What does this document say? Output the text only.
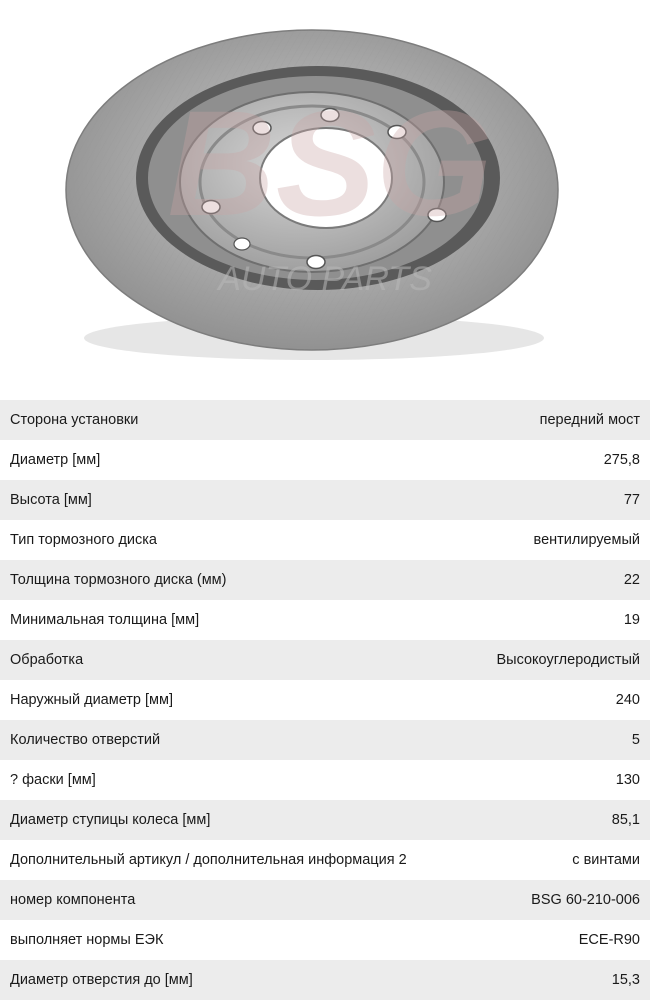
BSG
AUTO PARTS
Сторона установки	передний мост
Диаметр [мм]	275,8
Высота [мм]	77
Тип тормозного диска	вентилируемый
Толщина тормозного диска (мм)	22
Минимальная толщина [мм]	19
Обработка	Высокоуглеродистый
Наружный диаметр [мм]	240
Количество отверстий	5
? фаски [мм]	130
Диаметр ступицы колеса [мм]	85,1
Дополнительный артикул / дополнительная информация 2	с винтами
номер компонента	BSG 60-210-006
выполняет нормы ЕЭК	ECE-R90
Диаметр отверстия до [мм]	15,3
